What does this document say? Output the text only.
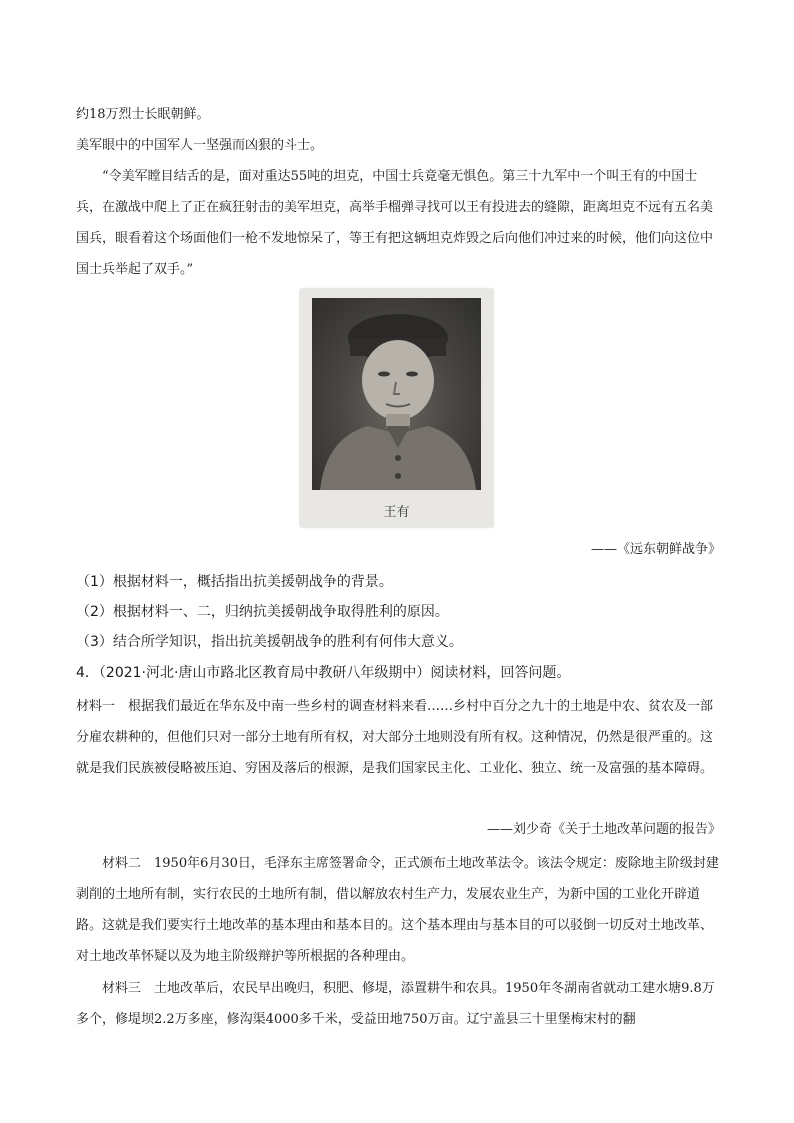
约18万烈士长眠朝鲜。

美军眼中的中国军人一坚强而凶狠的斗士。

“令美军瞠目结舌的是，面对重达55吨的坦克，中国士兵竟毫无惧色。第三十九军中一个叫王有的中国士兵，在激战中爬上了正在疯狂射击的美军坦克，高举手榴弹寻找可以王有投进去的缝隙，距离坦克不远有五名美国兵，眼看着这个场面他们一枪不发地惊呆了，等王有把这辆坦克炸毁之后向他们冲过来的时候，他们向这位中国士兵举起了双手。”

王有
——《远东朝鲜战争》
（1）根据材料一，概括指出抗美援朝战争的背景。
（2）根据材料一、二，归纳抗美援朝战争取得胜利的原因。
（3）结合所学知识，指出抗美援朝战争的胜利有何伟大意义。
4．（2021·河北·唐山市路北区教育局中教研八年级期中）阅读材料，回答问题。

材料一　根据我们最近在华东及中南一些乡村的调查材料来看……乡村中百分之九十的土地是中农、贫农及一部分雇农耕种的，但他们只对一部分土地有所有权，对大部分土地则没有所有权。这种情况，仍然是很严重的。这就是我们民族被侵略被压迫、穷困及落后的根源，是我们国家民主化、工业化、独立、统一及富强的基本障碍。

——刘少奇《关于土地改革问题的报告》

材料二　1950年6月30日，毛泽东主席签署命令，正式颁布土地改革法令。该法令规定：废除地主阶级封建剥削的土地所有制，实行农民的土地所有制，借以解放农村生产力，发展农业生产，为新中国的工业化开辟道路。这就是我们要实行土地改革的基本理由和基本目的。这个基本理由与基本目的可以驳倒一切反对土地改革、对土地改革怀疑以及为地主阶级辩护等所根据的各种理由。

材料三　土地改革后，农民早出晚归，积肥、修堤，添置耕牛和农具。1950年冬湖南省就动工建水塘9.8万多个，修堤坝2.2万多座，修沟渠4000多千米，受益田地750万亩。辽宁盖县三十里堡梅宋村的翻
